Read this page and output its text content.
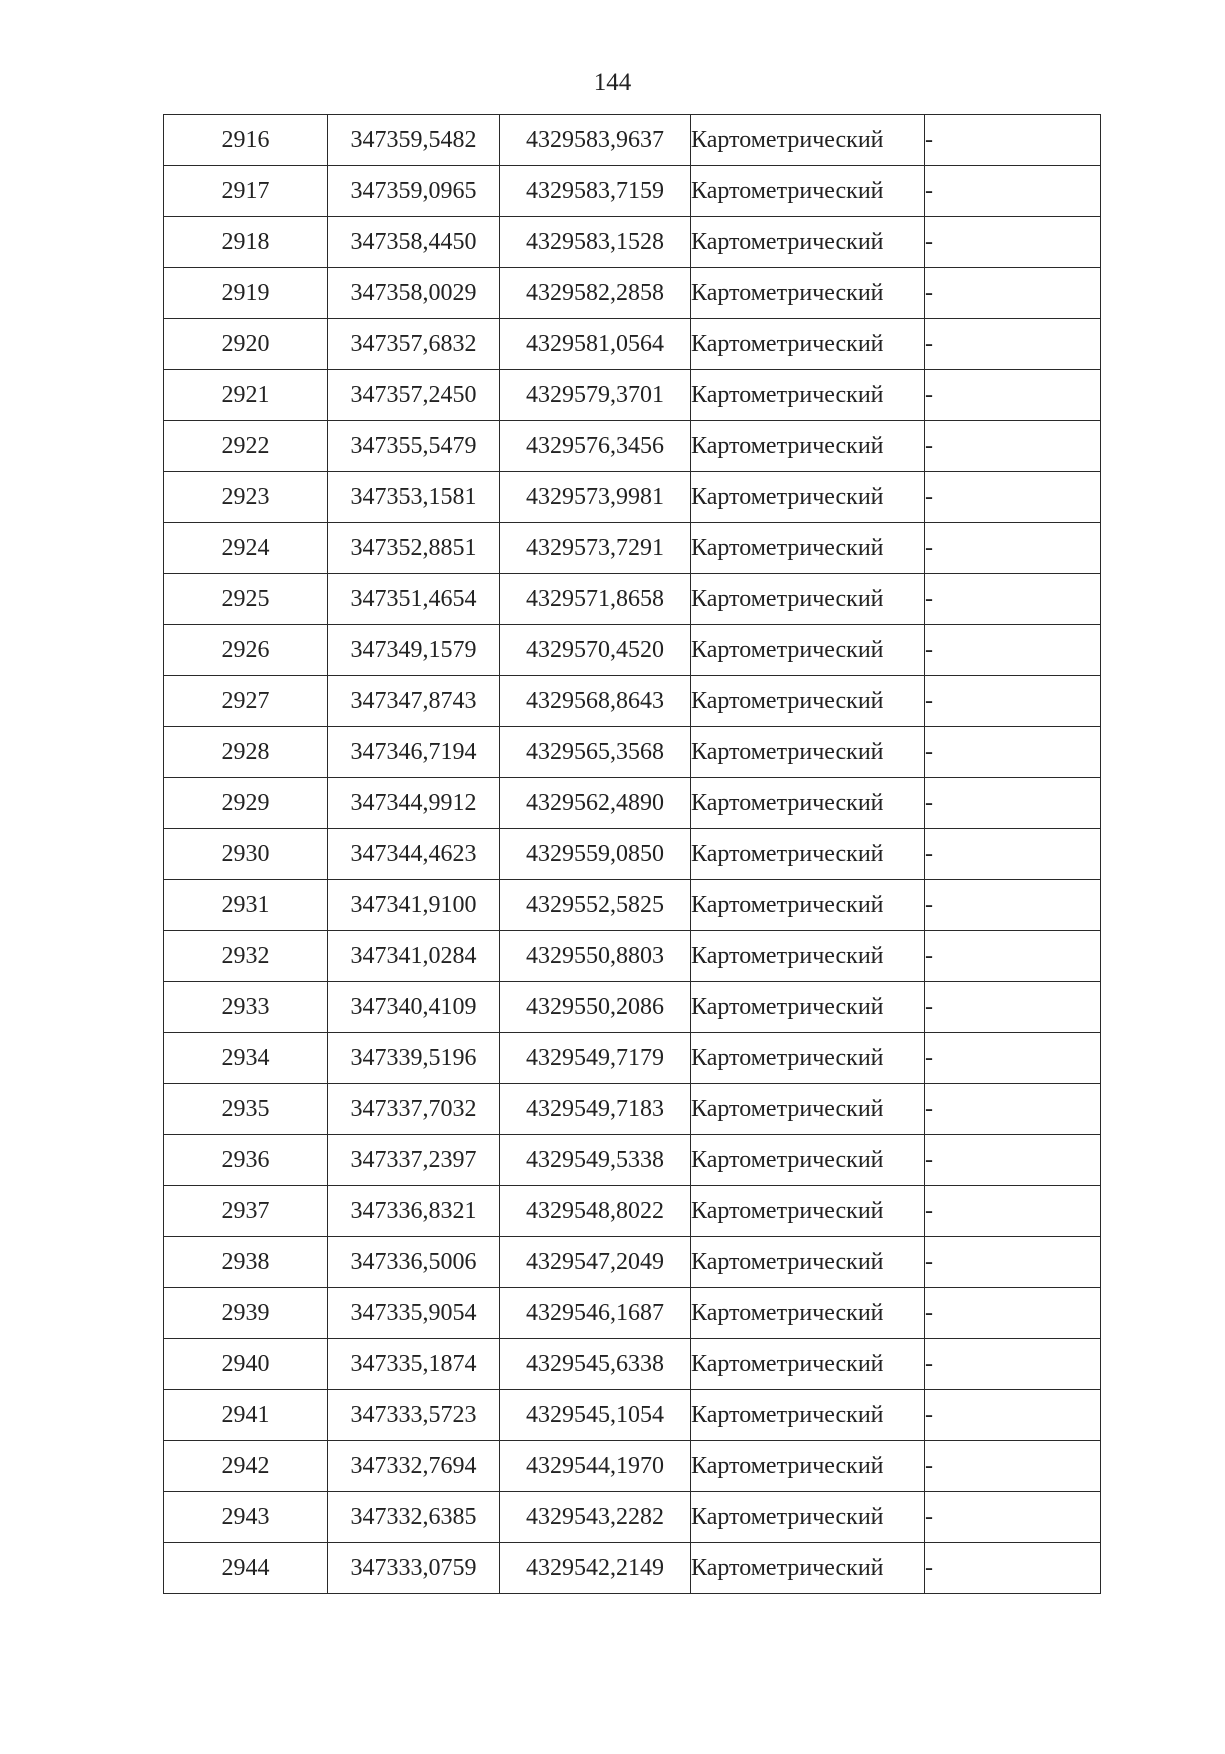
144
2916	347359,5482	4329583,9637	Картометрический	-
2917	347359,0965	4329583,7159	Картометрический	-
2918	347358,4450	4329583,1528	Картометрический	-
2919	347358,0029	4329582,2858	Картометрический	-
2920	347357,6832	4329581,0564	Картометрический	-
2921	347357,2450	4329579,3701	Картометрический	-
2922	347355,5479	4329576,3456	Картометрический	-
2923	347353,1581	4329573,9981	Картометрический	-
2924	347352,8851	4329573,7291	Картометрический	-
2925	347351,4654	4329571,8658	Картометрический	-
2926	347349,1579	4329570,4520	Картометрический	-
2927	347347,8743	4329568,8643	Картометрический	-
2928	347346,7194	4329565,3568	Картометрический	-
2929	347344,9912	4329562,4890	Картометрический	-
2930	347344,4623	4329559,0850	Картометрический	-
2931	347341,9100	4329552,5825	Картометрический	-
2932	347341,0284	4329550,8803	Картометрический	-
2933	347340,4109	4329550,2086	Картометрический	-
2934	347339,5196	4329549,7179	Картометрический	-
2935	347337,7032	4329549,7183	Картометрический	-
2936	347337,2397	4329549,5338	Картометрический	-
2937	347336,8321	4329548,8022	Картометрический	-
2938	347336,5006	4329547,2049	Картометрический	-
2939	347335,9054	4329546,1687	Картометрический	-
2940	347335,1874	4329545,6338	Картометрический	-
2941	347333,5723	4329545,1054	Картометрический	-
2942	347332,7694	4329544,1970	Картометрический	-
2943	347332,6385	4329543,2282	Картометрический	-
2944	347333,0759	4329542,2149	Картометрический	-
